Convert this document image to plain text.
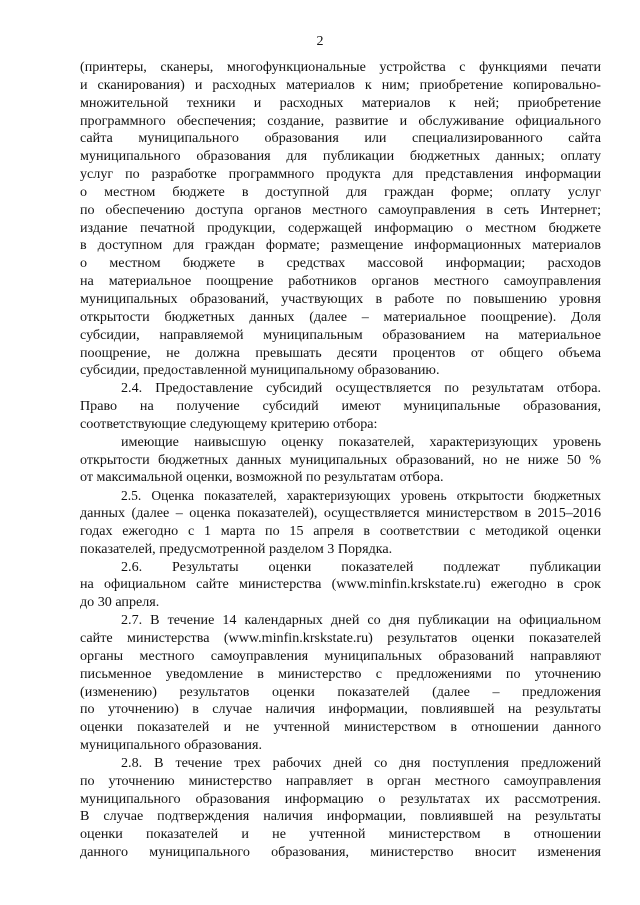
2
(принтеры, сканеры, многофункциональные устройства с функциями печати
и сканирования) и расходных материалов к ним; приобретение копировально-
множительной техники и расходных материалов к ней; приобретение
программного обеспечения; создание, развитие и обслуживание официального
сайта муниципального образования или специализированного сайта
муниципального образования для публикации бюджетных данных; оплату
услуг по разработке программного продукта для представления информации
о местном бюджете в доступной для граждан форме; оплату услуг
по обеспечению доступа органов местного самоуправления в сеть Интернет;
издание печатной продукции, содержащей информацию о местном бюджете
в доступном для граждан формате; размещение информационных материалов
о местном бюджете в средствах массовой информации; расходов
на материальное поощрение работников органов местного самоуправления
муниципальных образований, участвующих в работе по повышению уровня
открытости бюджетных данных (далее – материальное поощрение). Доля
субсидии, направляемой муниципальным образованием на материальное
поощрение, не должна превышать десяти процентов от общего объема
субсидии, предоставленной муниципальному образованию.
2.4. Предоставление субсидий осуществляется по результатам отбора.
Право на получение субсидий имеют муниципальные образования,
соответствующие следующему критерию отбора:
имеющие наивысшую оценку показателей, характеризующих уровень
открытости бюджетных данных муниципальных образований, но не ниже 50 %
от максимальной оценки, возможной по результатам отбора.
2.5. Оценка показателей, характеризующих уровень открытости бюджетных
данных (далее – оценка показателей), осуществляется министерством в 2015–2016
годах ежегодно с 1 марта по 15 апреля в соответствии с методикой оценки
показателей, предусмотренной разделом 3 Порядка.
2.6. Результаты оценки показателей подлежат публикации
на официальном сайте министерства (www.minfin.krskstate.ru) ежегодно в срок
до 30 апреля.
2.7. В течение 14 календарных дней со дня публикации на официальном
сайте министерства (www.minfin.krskstate.ru) результатов оценки показателей
органы местного самоуправления муниципальных образований направляют
письменное уведомление в министерство с предложениями по уточнению
(изменению) результатов оценки показателей (далее – предложения
по уточнению) в случае наличия информации, повлиявшей на результаты
оценки показателей и не учтенной министерством в отношении данного
муниципального образования.
2.8. В течение трех рабочих дней со дня поступления предложений
по уточнению министерство направляет в орган местного самоуправления
муниципального образования информацию о результатах их рассмотрения.
В случае подтверждения наличия информации, повлиявшей на результаты
оценки показателей и не учтенной министерством в отношении
данного муниципального образования, министерство вносит изменения
